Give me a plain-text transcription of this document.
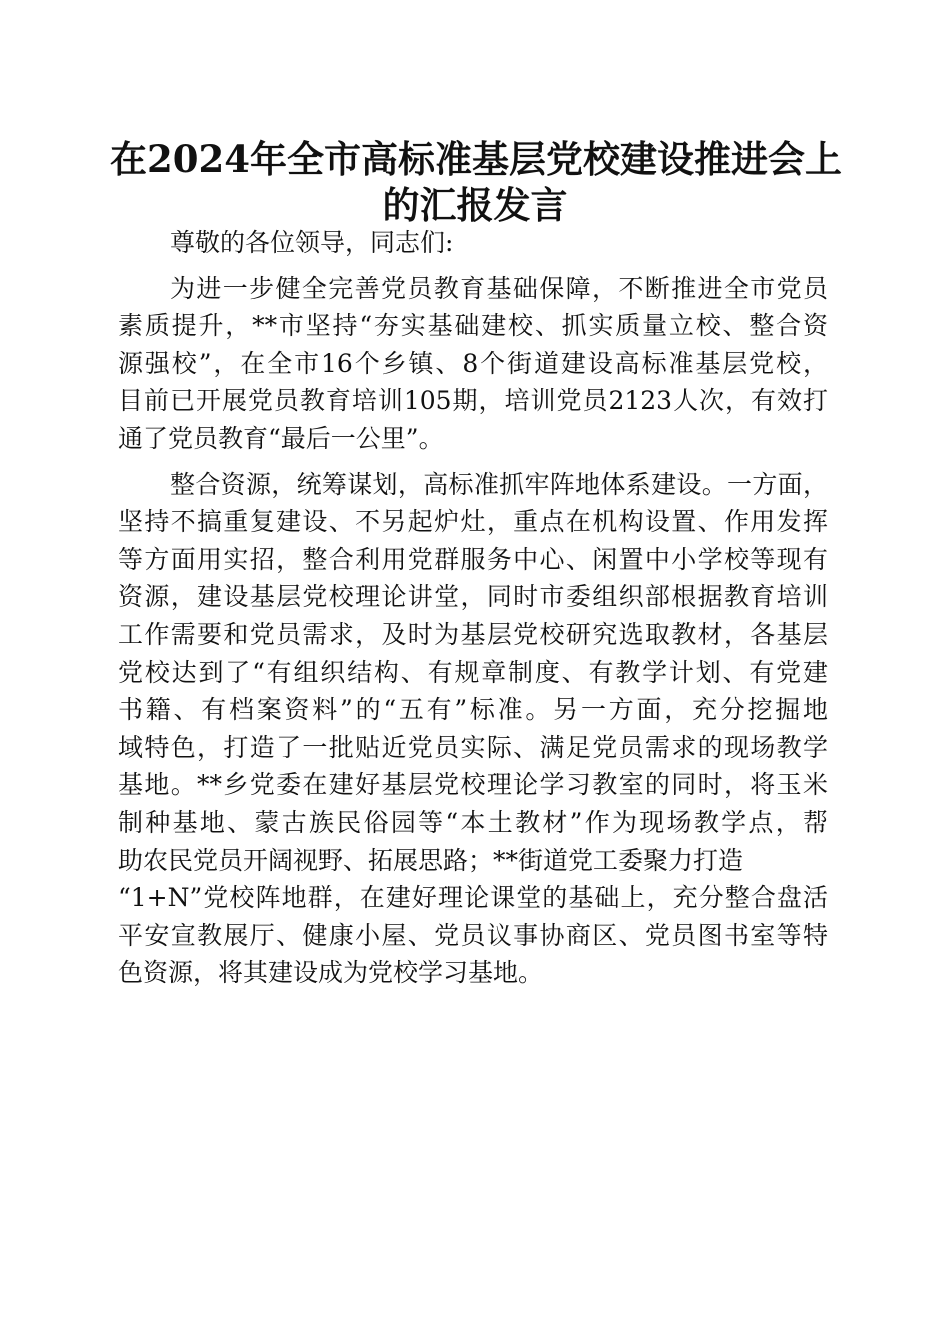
在2024年全市高标准基层党校建设推进会上
的汇报发言
尊敬的各位领导，同志们:
为进一步健全完善党员教育基础保障，不断推进全市党员
素质提升，**市坚持“夯实基础建校、抓实质量立校、整合资
源强校”，在全市16个乡镇、8个街道建设高标准基层党校，
目前已开展党员教育培训105期，培训党员2123人次，有效打
通了党员教育“最后一公里”。
整合资源，统筹谋划，高标准抓牢阵地体系建设。一方面，
坚持不搞重复建设、不另起炉灶，重点在机构设置、作用发挥
等方面用实招，整合利用党群服务中心、闲置中小学校等现有
资源，建设基层党校理论讲堂，同时市委组织部根据教育培训
工作需要和党员需求，及时为基层党校研究选取教材，各基层
党校达到了“有组织结构、有规章制度、有教学计划、有党建
书籍、有档案资料”的“五有”标准。另一方面，充分挖掘地
域特色，打造了一批贴近党员实际、满足党员需求的现场教学
基地。**乡党委在建好基层党校理论学习教室的同时，将玉米
制种基地、蒙古族民俗园等“本土教材”作为现场教学点，帮
助农民党员开阔视野、拓展思路；**街道党工委聚力打造
“1+N”党校阵地群，在建好理论课堂的基础上，充分整合盘活
平安宣教展厅、健康小屋、党员议事协商区、党员图书室等特
色资源，将其建设成为党校学习基地。
